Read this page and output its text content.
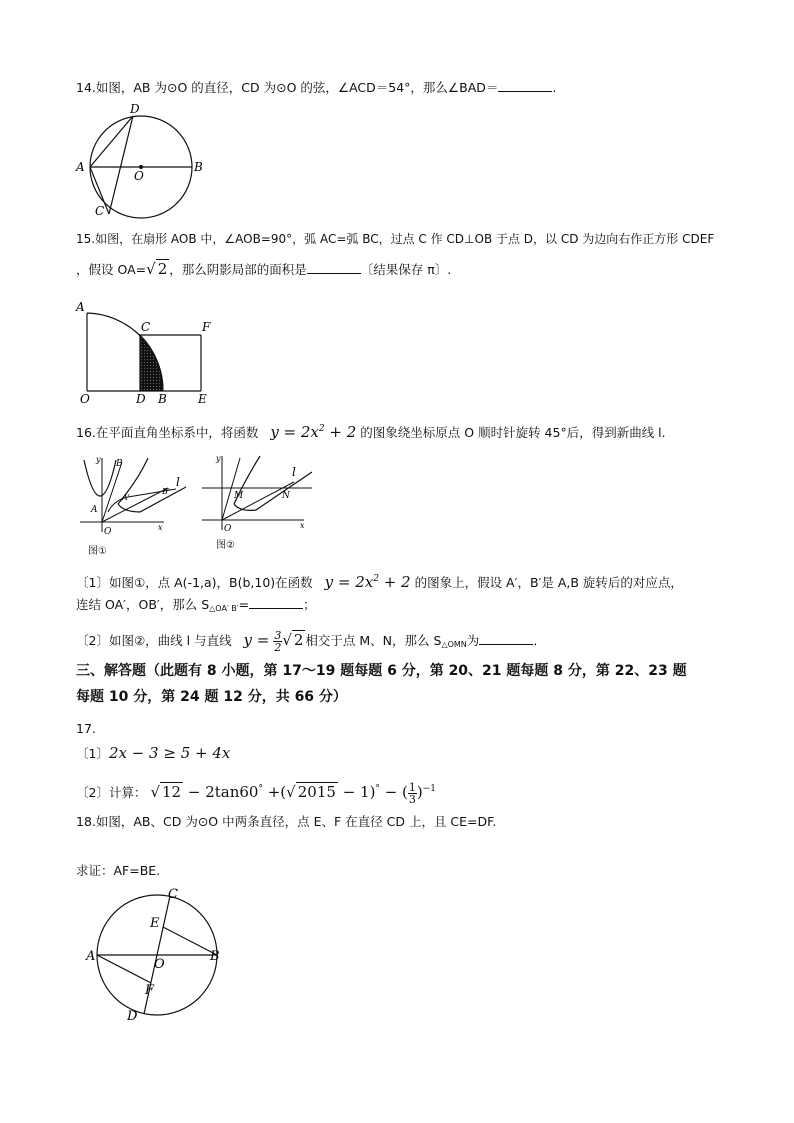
14.如图，AB 为⊙O 的直径，CD 为⊙O 的弦，∠ACD＝54°，那么∠BAD＝	.
D
A	B
O
C
15.如图，在扇形 AOB 中，∠AOB=90°，弧 AC=弧 BC，过点 C 作 CD⊥OB 于点 D，以 CD 为边向右作正方形 CDEF
，假设 OA=√ 2 ，那么阴影局部的面积是	〔结果保存 π〕.
A
C	F
O	D B	E
16.在平面直角坐标系中，将函数 $y = 2x^2 + 2$ 的图象绕坐标原点 O 顺时针旋转 45°后，得到新曲线 l.
y B
A
A'
B'
l
O	x
图①
y
M	N
l
O	x
图②
〔1〕如图①，点 A(-1,a)，B(b,10)在函数 $y = 2x^2 + 2$ 的图象上，假设 A′，B′是 A,B 旋转后的对应点，
连结 OA′，OB′，那么 $S_{\triangle OA' B'}=$	；
〔2〕如图②，曲线 l 与直线 $y = \frac{3}{2}$ √ 2 相交于点 M、N，那么 $S_{\triangle OMN}$为	.
三、解答题（此题有 8 小题，第 17～19 题每题 6 分，第 20、21 题每题 8 分，第 22、23 题
每题 10 分，第 24 题 12 分，共 66 分）
17.
〔1〕2x − 3 ≥ 5 + 4x
〔2〕计算： √ 12 − 2tan60° +(√ 2015 − 1)° − ( $\frac{1}{3} )^{-1}$
18.如图，AB、CD 为⊙O 中两条直径，点 E、F 在直径 CD 上，且 CE=DF.
求证：AF=BE.
C
E
A
O
B
F
D
